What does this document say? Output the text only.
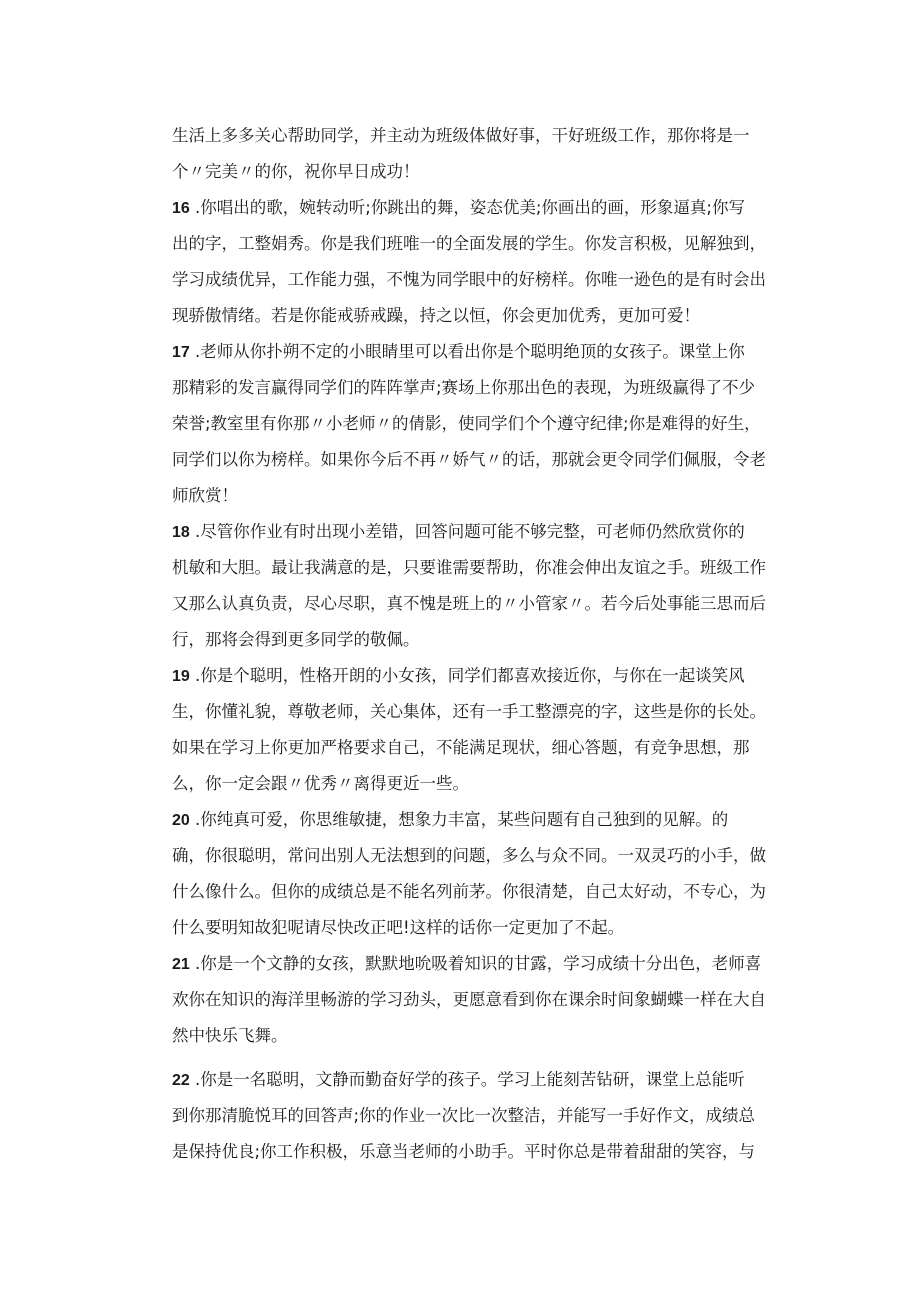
生活上多多关心帮助同学，并主动为班级体做好事，干好班级工作，那你将是一
个〃完美〃的你，祝你早日成功！
16 .你唱出的歌，婉转动听;你跳出的舞，姿态优美;你画出的画，形象逼真;你写
出的字，工整娟秀。你是我们班唯一的全面发展的学生。你发言积极，见解独到，
学习成绩优异，工作能力强，不愧为同学眼中的好榜样。你唯一逊色的是有时会出
现骄傲情绪。若是你能戒骄戒躁，持之以恒，你会更加优秀，更加可爱！
17 .老师从你扑朔不定的小眼睛里可以看出你是个聪明绝顶的女孩子。课堂上你
那精彩的发言赢得同学们的阵阵掌声;赛场上你那出色的表现，为班级赢得了不少
荣誉;教室里有你那〃小老师〃的倩影，使同学们个个遵守纪律;你是难得的好生，
同学们以你为榜样。如果你今后不再〃娇气〃的话，那就会更令同学们佩服，令老
师欣赏！
18 .尽管你作业有时出现小差错，回答问题可能不够完整，可老师仍然欣赏你的
机敏和大胆。最让我满意的是，只要谁需要帮助，你准会伸出友谊之手。班级工作
又那么认真负责，尽心尽职，真不愧是班上的〃小管家〃。若今后处事能三思而后
行，那将会得到更多同学的敬佩。
19 .你是个聪明，性格开朗的小女孩，同学们都喜欢接近你，与你在一起谈笑风
生，你懂礼貌，尊敬老师，关心集体，还有一手工整漂亮的字，这些是你的长处。
如果在学习上你更加严格要求自己，不能满足现状，细心答题，有竞争思想，那
么，你一定会跟〃优秀〃离得更近一些。
20 .你纯真可爱，你思维敏捷，想象力丰富，某些问题有自己独到的见解。的
确，你很聪明，常问出别人无法想到的问题，多么与众不同。一双灵巧的小手，做
什么像什么。但你的成绩总是不能名列前茅。你很清楚，自己太好动，不专心，为
什么要明知故犯呢请尽快改正吧!这样的话你一定更加了不起。
21 .你是一个文静的女孩，默默地吮吸着知识的甘露，学习成绩十分出色，老师喜
欢你在知识的海洋里畅游的学习劲头，更愿意看到你在课余时间象蝴蝶一样在大自
然中快乐飞舞。
22 .你是一名聪明，文静而勤奋好学的孩子。学习上能刻苦钻研，课堂上总能听
到你那清脆悦耳的回答声;你的作业一次比一次整洁，并能写一手好作文，成绩总
是保持优良;你工作积极，乐意当老师的小助手。平时你总是带着甜甜的笑容，与
